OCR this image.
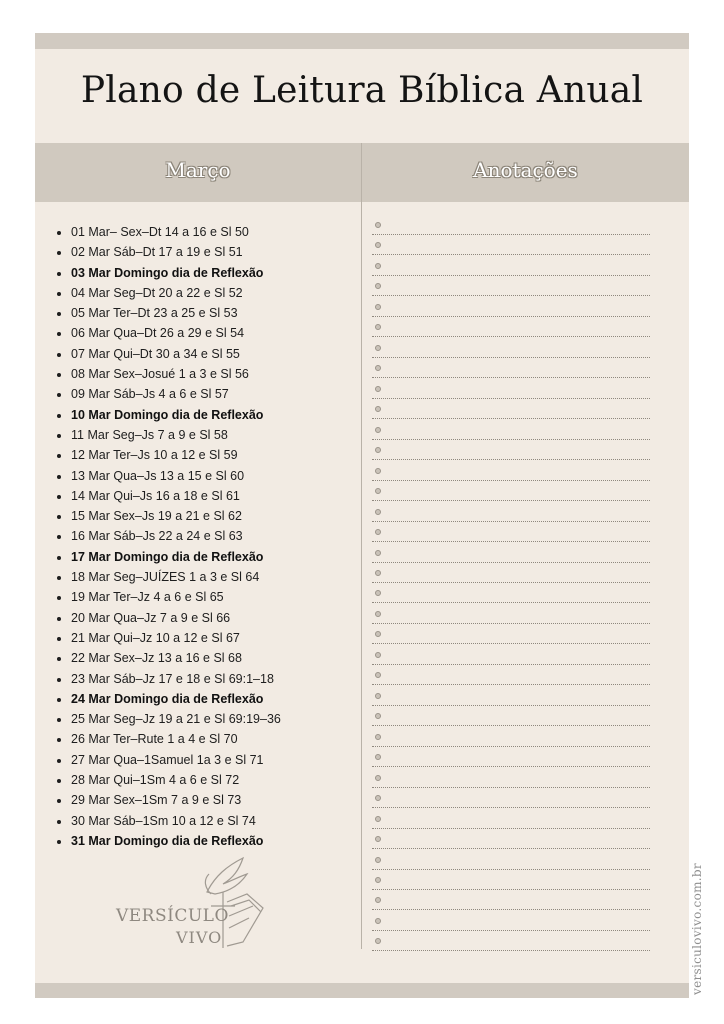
Plano de Leitura Bíblica Anual
Março	Anotações
01 Mar– Sex–Dt 14 a 16 e Sl 50
02 Mar Sáb–Dt 17 a 19 e Sl 51
03 Mar Domingo dia de Reflexão
04 Mar Seg–Dt 20 a 22 e Sl 52
05 Mar Ter–Dt 23 a 25 e Sl 53
06 Mar Qua–Dt 26 a 29 e Sl 54
07 Mar Qui–Dt 30 a 34 e Sl 55
08 Mar Sex–Josué 1 a 3 e Sl 56
09 Mar Sáb–Js 4 a 6 e Sl 57
10 Mar Domingo dia de Reflexão
11 Mar Seg–Js 7 a 9 e Sl 58
12 Mar Ter–Js 10 a 12 e Sl 59
13 Mar Qua–Js 13 a 15 e Sl 60
14 Mar Qui–Js 16 a 18 e Sl 61
15 Mar Sex–Js 19 a 21 e Sl 62
16 Mar Sáb–Js 22 a 24 e Sl 63
17 Mar Domingo dia de Reflexão
18 Mar Seg–JUÍZES 1 a 3 e Sl 64
19 Mar Ter–Jz 4 a 6 e Sl 65
20 Mar Qua–Jz 7 a 9 e Sl 66
21 Mar Qui–Jz 10 a 12 e Sl 67
22 Mar Sex–Jz 13 a 16 e Sl 68
23 Mar Sáb–Jz 17 e 18 e Sl 69:1–18
24 Mar Domingo dia de Reflexão
25 Mar Seg–Jz 19 a 21 e Sl 69:19–36
26 Mar Ter–Rute 1 a 4 e Sl 70
27 Mar Qua–1Samuel 1a 3 e Sl 71
28 Mar Qui–1Sm 4 a 6 e Sl 72
29 Mar Sex–1Sm 7 a 9 e Sl 73
30 Mar Sáb–1Sm 10 a 12 e Sl 74
31 Mar Domingo dia de Reflexão
VERSÍCULO
VIVO	versiculovivo.com.br
